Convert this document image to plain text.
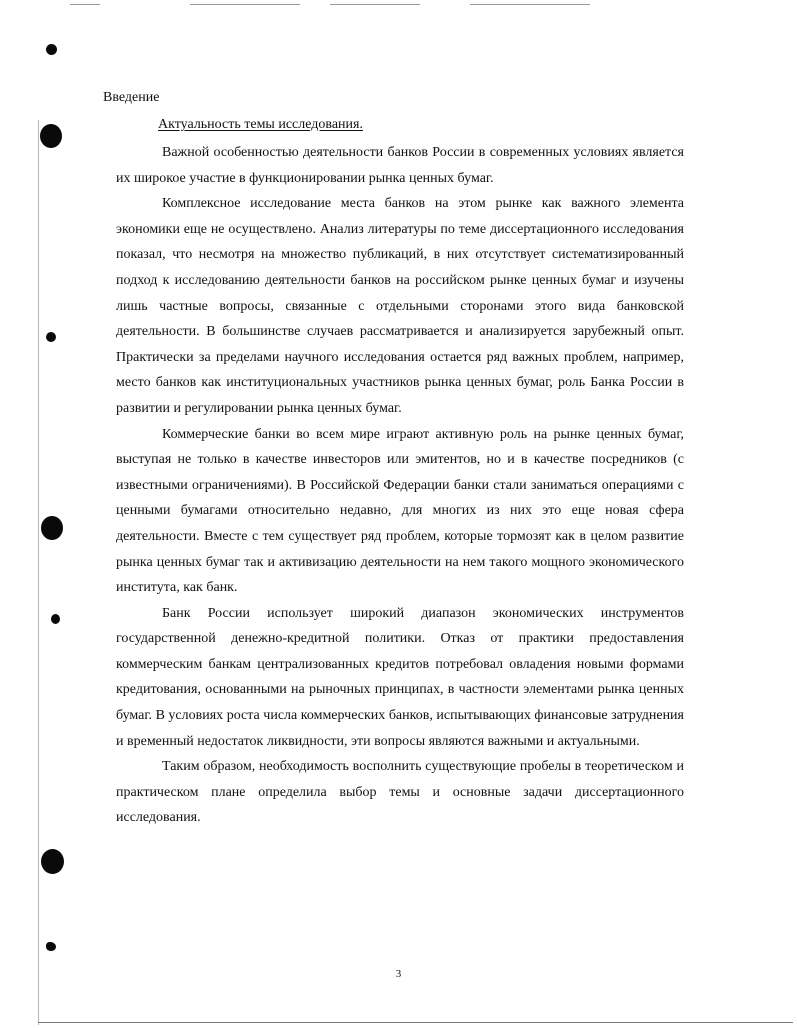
Введение
Актуальность темы исследования.

Важной особенностью деятельности банков России в современных условиях является их широкое участие в функционировании рынка ценных бумаг.

Комплексное исследование места банков на этом рынке как важного элемента экономики еще не осуществлено. Анализ литературы по теме диссертационного исследования показал, что несмотря на множество публикаций, в них отсутствует систематизированный подход к исследованию деятельности банков на российском рынке ценных бумаг и изучены лишь частные вопросы, связанные с отдельными сторонами этого вида банковской деятельности. В большинстве случаев рассматривается и анализируется зарубежный опыт. Практически за пределами научного исследования остается ряд важных проблем, например, место банков как институциональных участников рынка ценных бумаг, роль Банка России в развитии и регулировании рынка ценных бумаг.

Коммерческие банки во всем мире играют активную роль на рынке ценных бумаг, выступая не только в качестве инвесторов или эмитентов, но и в качестве посредников (с известными ограничениями). В Российской Федерации банки стали заниматься операциями с ценными бумагами относительно недавно, для многих из них это еще новая сфера деятельности. Вместе с тем существует ряд проблем, которые тормозят как в целом развитие рынка ценных бумаг так и активизацию деятельности на нем такого мощного экономического института, как банк.

Банк России использует широкий диапазон экономических инструментов государственной денежно-кредитной политики. Отказ от практики предоставления коммерческим банкам централизованных кредитов потребовал овладения новыми формами кредитования, основанными на рыночных принципах, в частности элементами рынка ценных бумаг. В условиях роста числа коммерческих банков, испытывающих финансовые затруднения и временный недостаток ликвидности, эти вопросы являются важными и актуальными.

Таким образом, необходимость восполнить существующие пробелы в теоретическом и практическом плане определила выбор темы и основные задачи диссертационного исследования.

3
